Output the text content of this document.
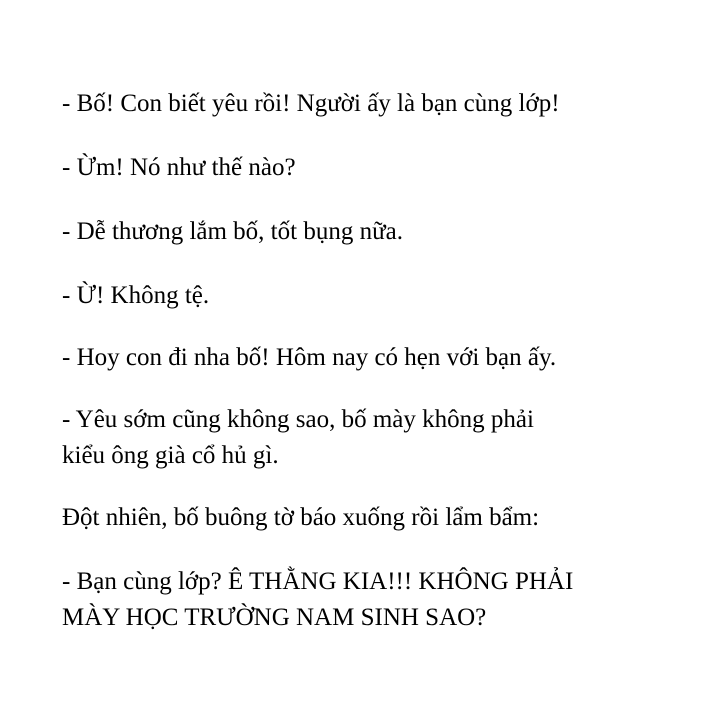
- Bố! Con biết yêu rồi! Người ấy là bạn cùng lớp!

- Ừm! Nó như thế nào?

- Dễ thương lắm bố, tốt bụng nữa.

- Ừ! Không tệ.

- Hoy con đi nha bố! Hôm nay có hẹn với bạn ấy.

- Yêu sớm cũng không sao, bố mày không phải
kiểu ông già cổ hủ gì.

Đột nhiên, bố buông tờ báo xuống rồi lẩm bẩm:

- Bạn cùng lớp? Ê THẰNG KIA!!! KHÔNG PHẢI
MÀY HỌC TRƯỜNG NAM SINH SAO?
